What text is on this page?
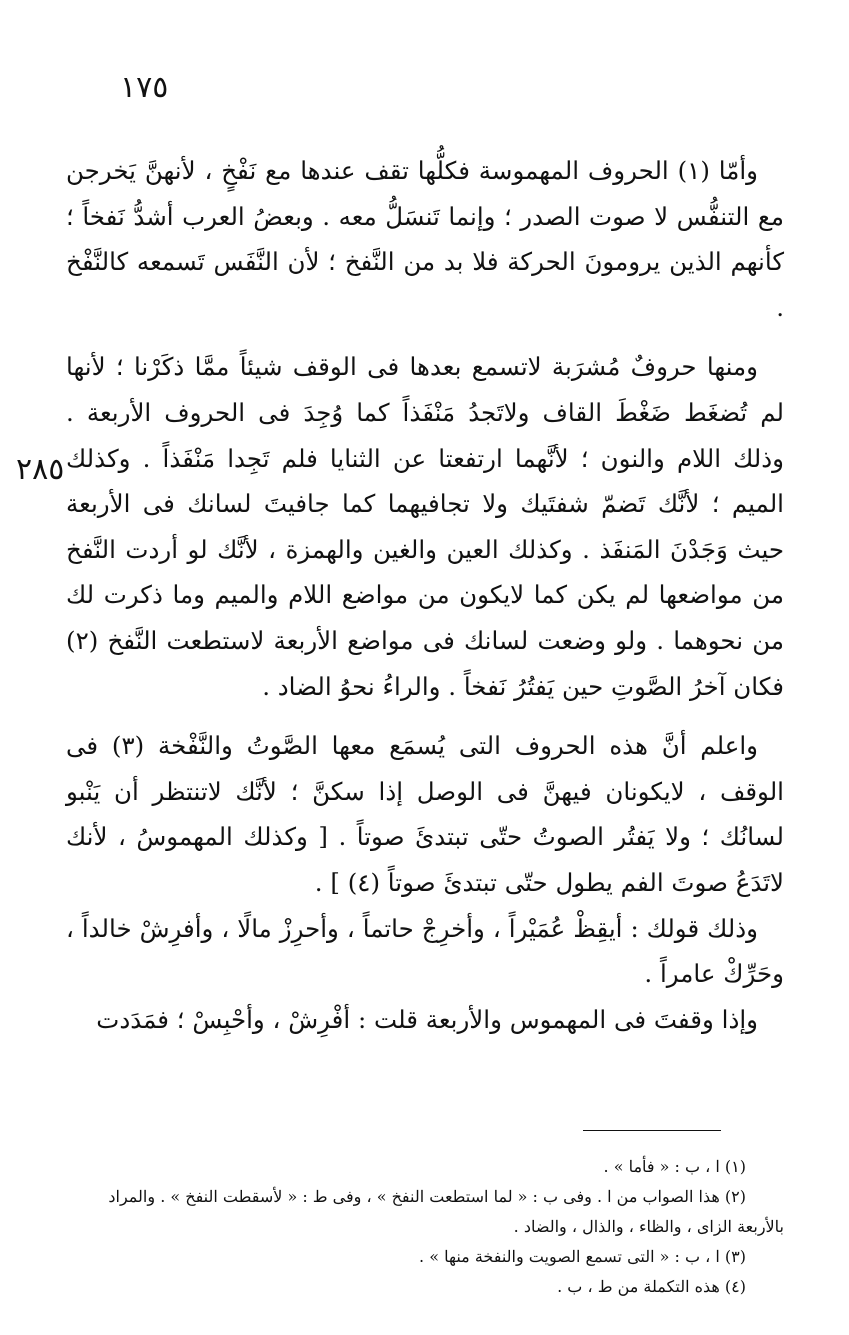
١٧٥
٢٨٥

وأمّا (١) الحروف المهموسة فكلُّها تقف عندها مع نَفْخٍ ، لأنهنَّ يَخرجن مع التنفُّس لا صوت الصدر ؛ وإنما تَنسَلُّ معه . وبعضُ العرب أشدُّ نَفخاً ؛ كأنهم الذين يرومونَ الحركة فلا بد من النَّفخ ؛ لأن النَّفَس تَسمعه كالنَّفْخ .

ومنها حروفٌ مُشرَبة لاتسمع بعدها فى الوقف شيئاً ممَّا ذكَرْنا ؛ لأنها لم تُضغَط ضَغْطَ القاف ولاتَجدُ مَنْفَذاً كما وُجِدَ فى الحروف الأربعة . وذلك اللام والنون ؛ لأنَّهما ارتفعتا عن الثنايا فلم تَجِدا مَنْفَذاً . وكذلك الميم ؛ لأنَّك تَضمّ شفتَيك ولا تجافيهما كما جافيتَ لسانك فى الأربعة حيث وَجَدْنَ المَنفَذ . وكذلك العين والغين والهمزة ، لأنَّك لو أردت النَّفخ من مواضعها لم يكن كما لايكون من مواضع اللام والميم وما ذكرت لك من نحوهما . ولو وضعت لسانك فى مواضع الأربعة لاستطعت النَّفخ (٢) فكان آخرُ الصَّوتِ حين يَفتُرُ نَفخاً . والراءُ نحوُ الضاد .

واعلم أنَّ هذه الحروف التى يُسمَع معها الصَّوتُ والنَّفْخة (٣) فى الوقف ، لايكونان فيهنَّ فى الوصل إذا سكنَّ ؛ لأنَّك لاتنتظر أن يَنْبو لسانُك ؛ ولا يَفتُر الصوتُ حتّى تبتدئَ صوتاً . [ وكذلك المهموسُ ، لأنك لاتَدَعُ صوتَ الفم يطول حتّى تبتدئَ صوتاً (٤) ] .

وذلك قولك : أيقِظْ عُمَيْراً ، وأخرِجْ حاتماً ، وأحرِزْ مالًا ، وأفرِشْ خالداً ، وحَرِّكْ عامراً .

وإذا وقفتَ فى المهموس والأربعة قلت : أفْرِشْ ، وأحْبِسْ ؛ فمَدَدت

(١) ا ، ب : « فأما » .

(٢) هذا الصواب من ا . وفى ب : « لما استطعت النفخ » ، وفى ط : « لأسقطت النفخ » . والمراد

بالأربعة الزاى ، والظاء ، والذال ، والضاد .

(٣) ا ، ب : « التى تسمع الصويت والنفخة منها » .

(٤) هذه التكملة من ط ، ب .
